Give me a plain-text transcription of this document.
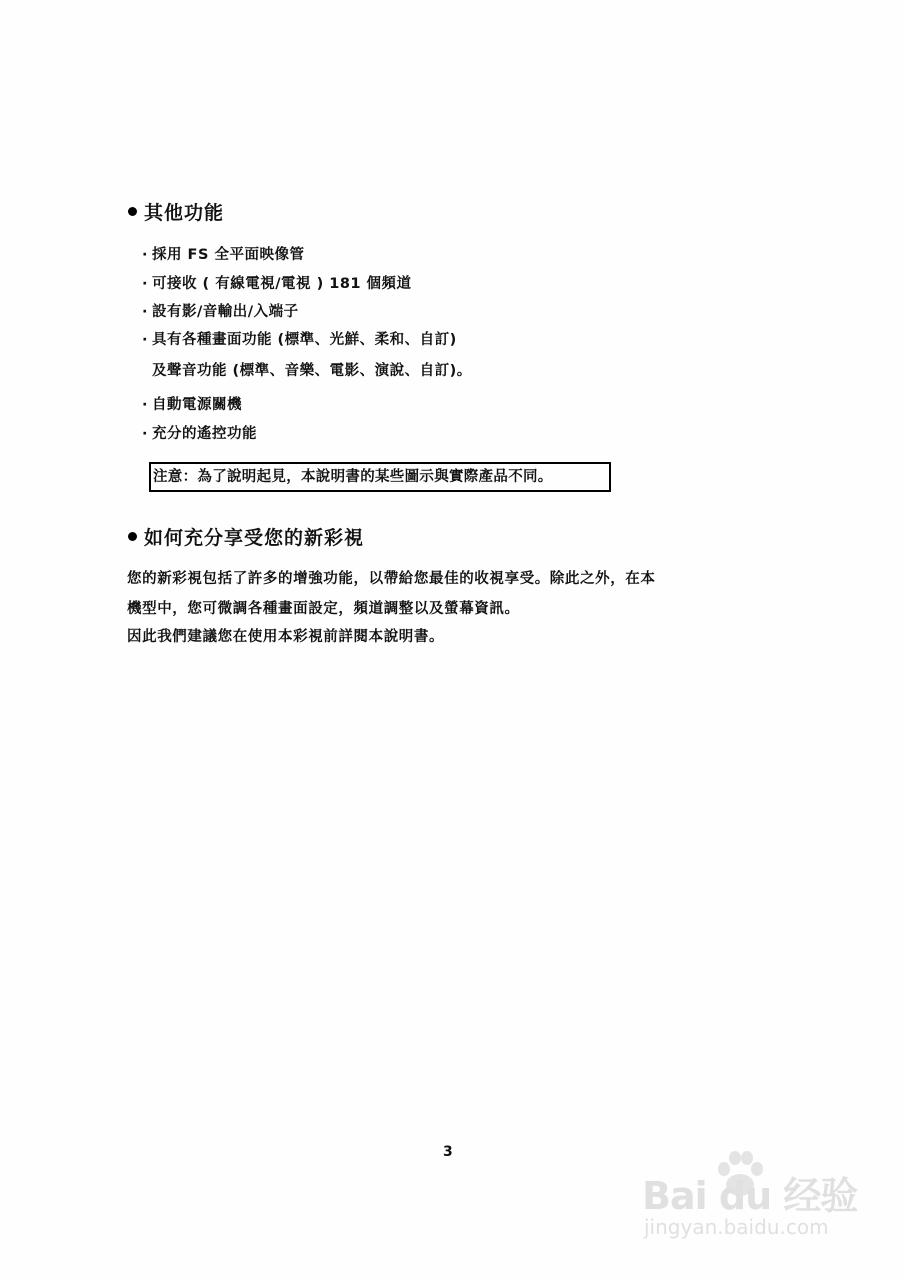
其他功能
· 採用 FS 全平面映像管
· 可接收 ( 有線電視/電視 ) 181 個頻道
· 設有影/音輸出/入端子
· 具有各種畫面功能 (標準、光鮮、柔和、自訂)
及聲音功能 (標準、音樂、電影、演說、自訂)。
· 自動電源關機
· 充分的遙控功能
注意：為了說明起見，本說明書的某些圖示與實際產品不同。
如何充分享受您的新彩視
您的新彩視包括了許多的增強功能，以帶給您最佳的收視享受。除此之外，在本
機型中，您可微調各種畫面設定，頻道調整以及螢幕資訊。
因此我們建議您在使用本彩視前詳閱本說明書。
3
Bai du 经验
jingyan.baidu.com
